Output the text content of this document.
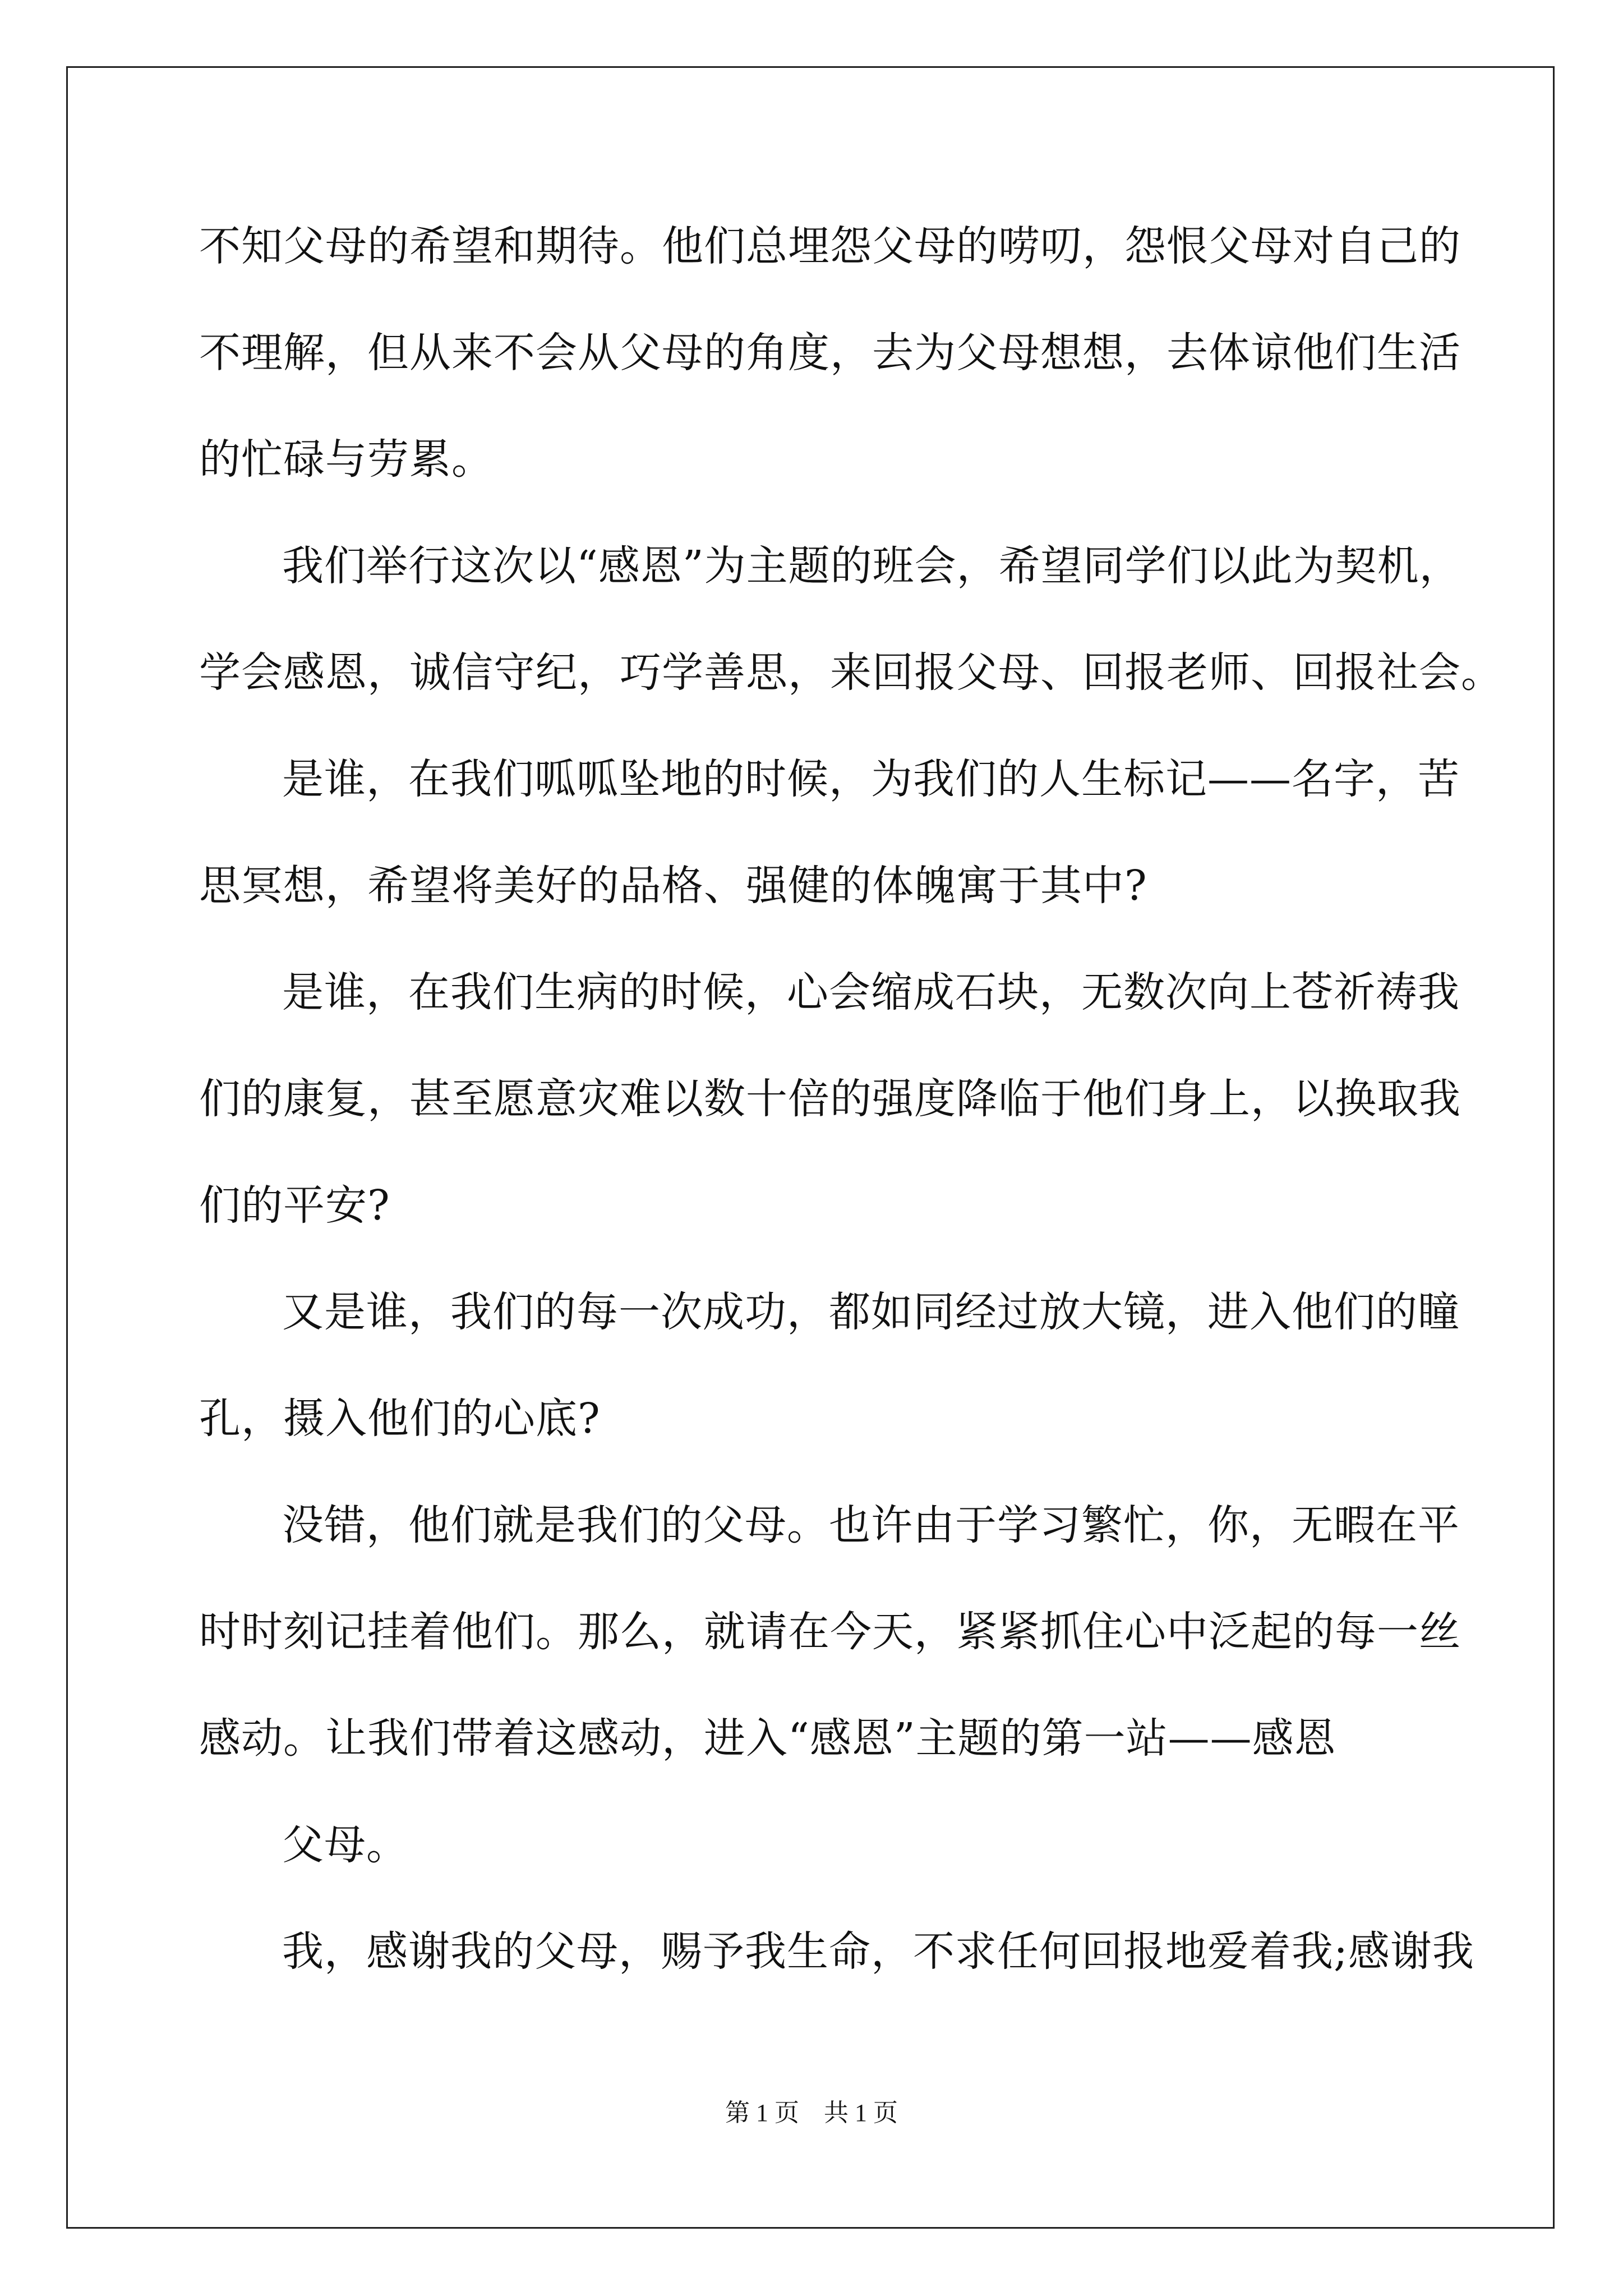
不知父母的希望和期待。他们总埋怨父母的唠叨，怨恨父母对自己的
不理解，但从来不会从父母的角度，去为父母想想，去体谅他们生活
的忙碌与劳累。
我们举行这次以“感恩”为主题的班会，希望同学们以此为契机，
学会感恩，诚信守纪，巧学善思，来回报父母、回报老师、回报社会。
是谁，在我们呱呱坠地的时候，为我们的人生标记——名字，苦
思冥想，希望将美好的品格、强健的体魄寓于其中?
是谁，在我们生病的时候，心会缩成石块，无数次向上苍祈祷我
们的康复，甚至愿意灾难以数十倍的强度降临于他们身上，以换取我
们的平安?
又是谁，我们的每一次成功，都如同经过放大镜，进入他们的瞳
孔，摄入他们的心底?
没错，他们就是我们的父母。也许由于学习繁忙，你，无暇在平
时时刻记挂着他们。那么，就请在今天，紧紧抓住心中泛起的每一丝
感动。让我们带着这感动，进入“感恩”主题的第一站——感恩
父母。
我，感谢我的父母，赐予我生命，不求任何回报地爱着我;感谢我
第 1 页　共 1 页
